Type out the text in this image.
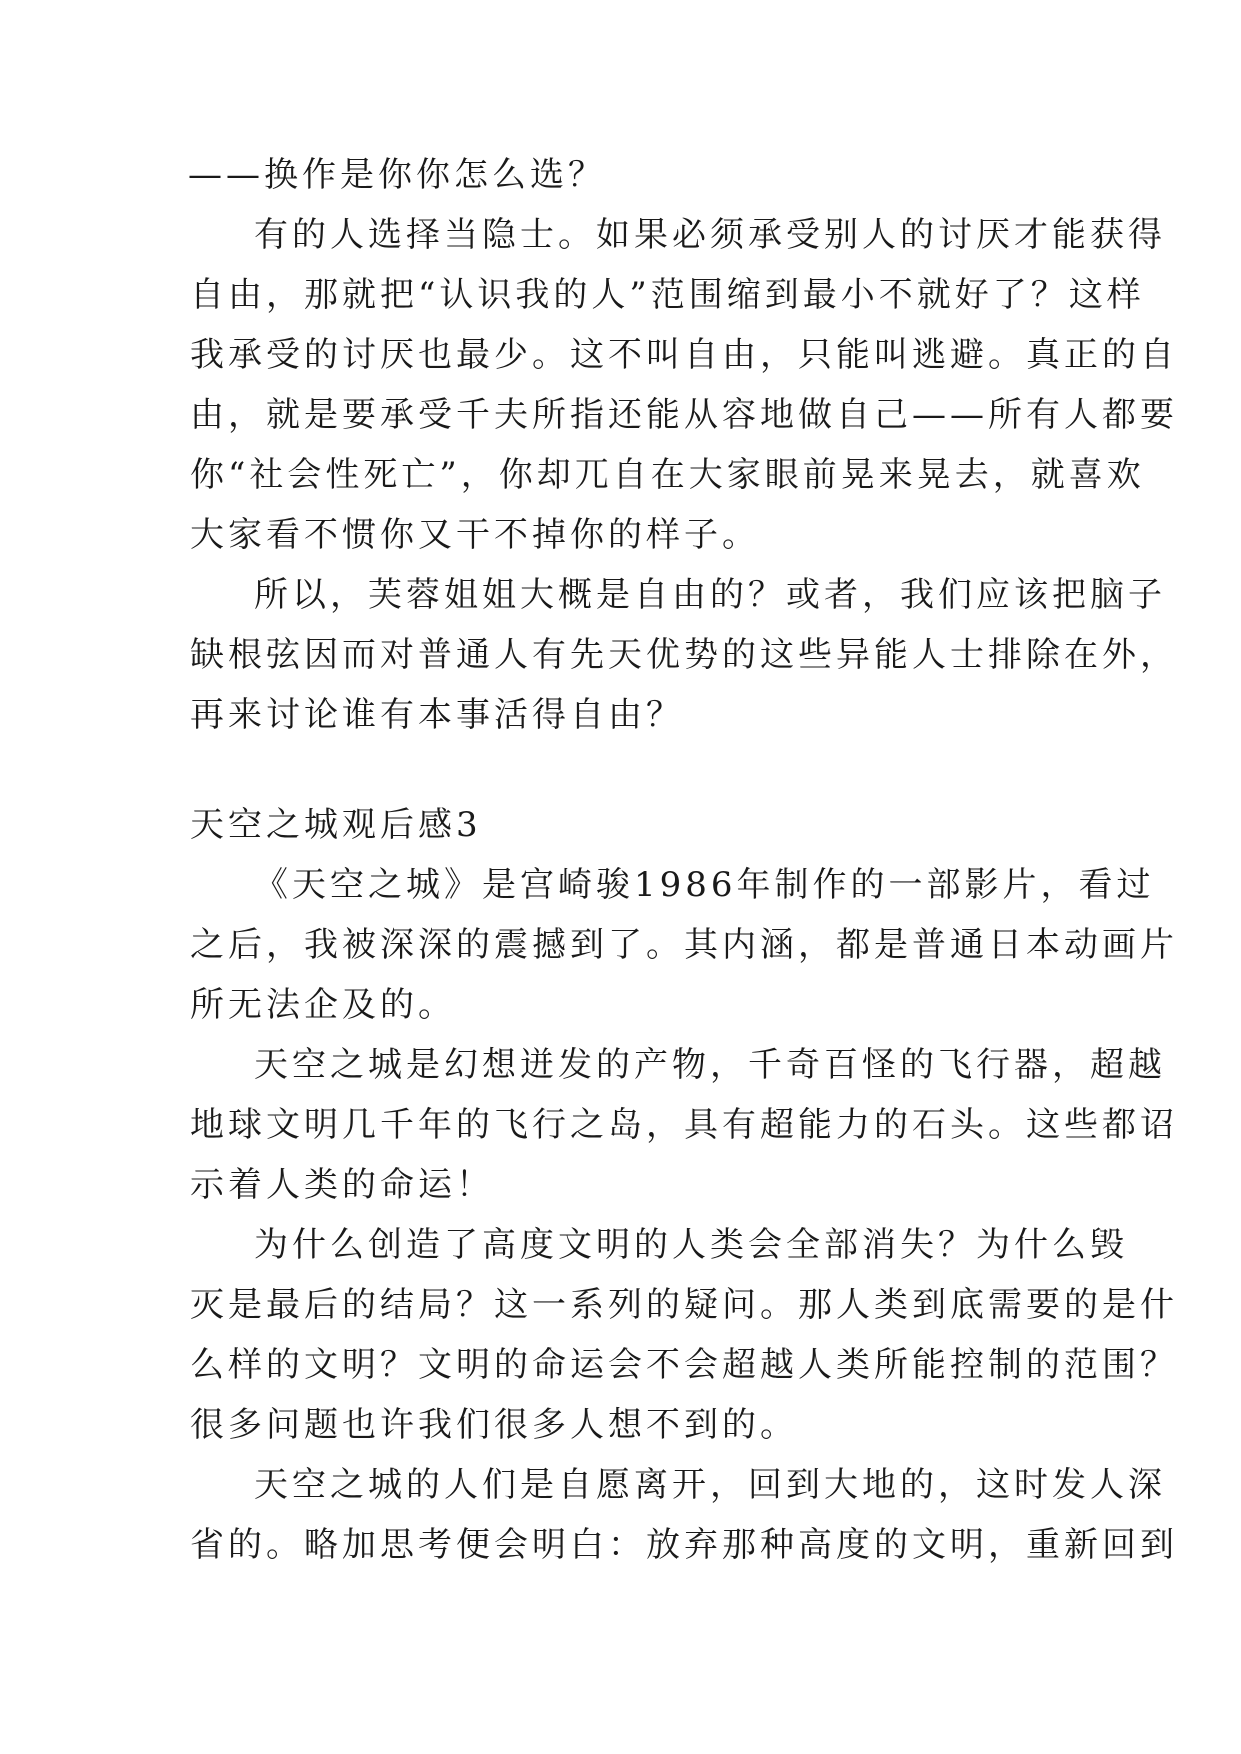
——换作是你你怎么选？
有的人选择当隐士。如果必须承受别人的讨厌才能获得
自由，那就把“认识我的人”范围缩到最小不就好了？这样
我承受的讨厌也最少。这不叫自由，只能叫逃避。真正的自
由，就是要承受千夫所指还能从容地做自己——所有人都要
你“社会性死亡”，你却兀自在大家眼前晃来晃去，就喜欢
大家看不惯你又干不掉你的样子。
所以，芙蓉姐姐大概是自由的？或者，我们应该把脑子
缺根弦因而对普通人有先天优势的这些异能人士排除在外，
再来讨论谁有本事活得自由？
天空之城观后感3
《天空之城》是宫崎骏1986年制作的一部影片，看过
之后，我被深深的震撼到了。其内涵，都是普通日本动画片
所无法企及的。
天空之城是幻想迸发的产物，千奇百怪的飞行器，超越
地球文明几千年的飞行之岛，具有超能力的石头。这些都诏
示着人类的命运！
为什么创造了高度文明的人类会全部消失？为什么毁
灭是最后的结局？这一系列的疑问。那人类到底需要的是什
么样的文明？文明的命运会不会超越人类所能控制的范围？
很多问题也许我们很多人想不到的。
天空之城的人们是自愿离开，回到大地的，这时发人深
省的。略加思考便会明白：放弃那种高度的文明，重新回到
